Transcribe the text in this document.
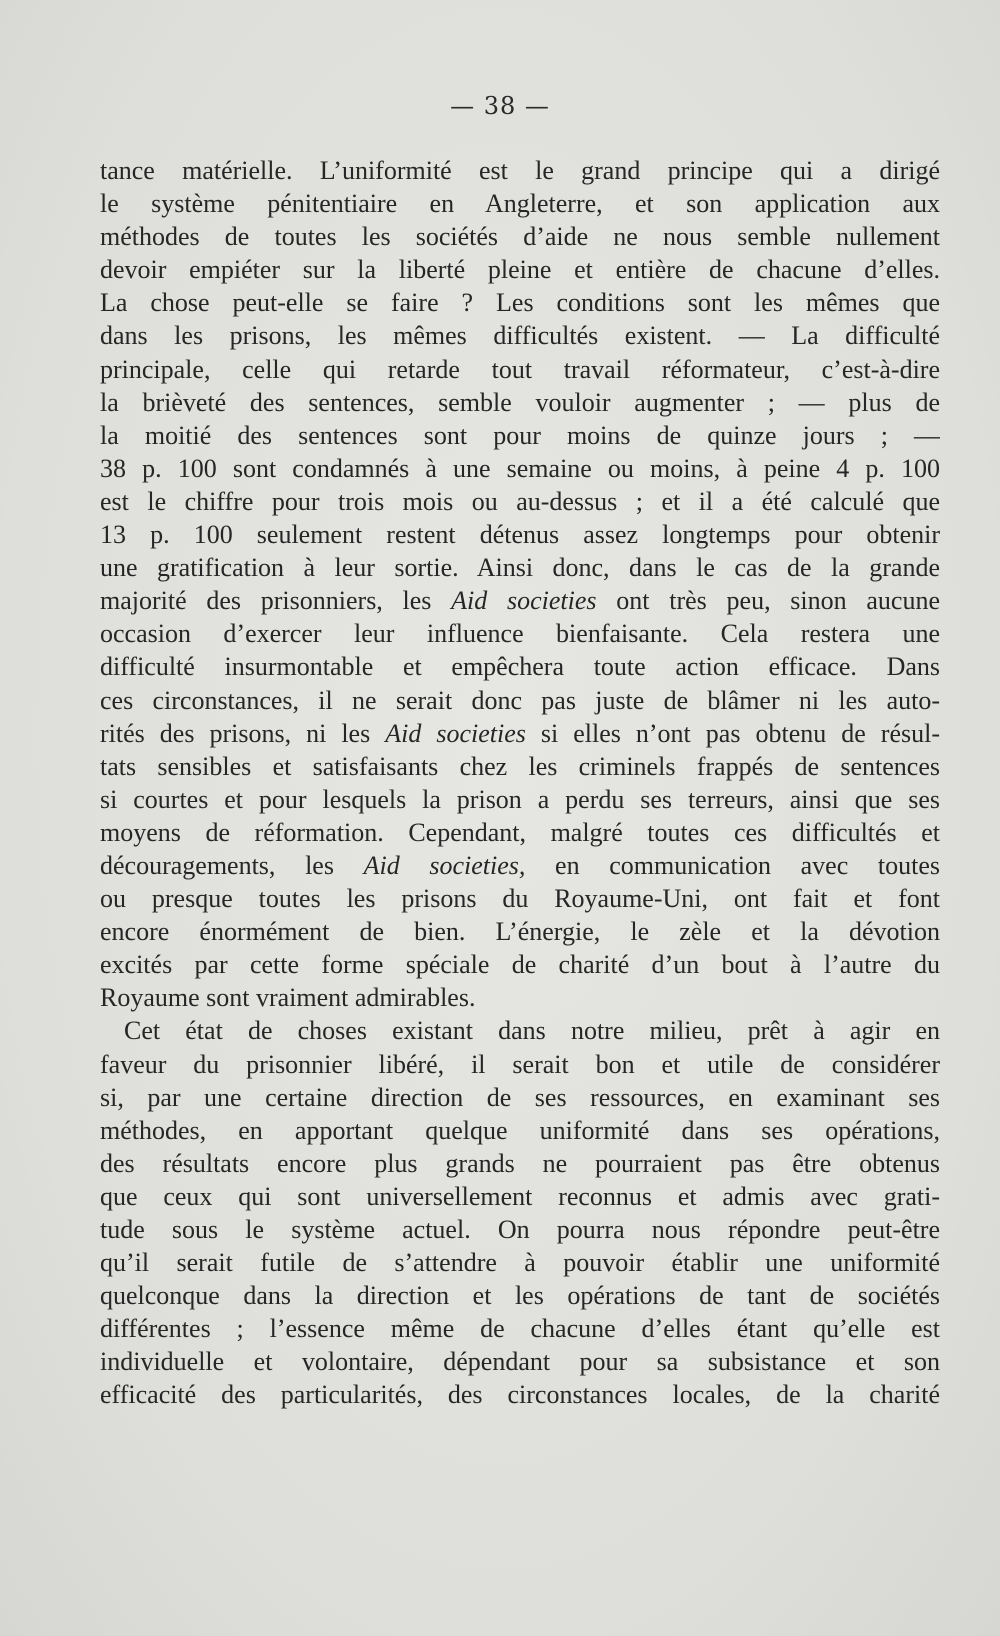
— 38 —
tance matérielle. L’uniformité est le grand principe qui a dirigé
le système pénitentiaire en Angleterre, et son application aux
méthodes de toutes les sociétés d’aide ne nous semble nullement
devoir empiéter sur la liberté pleine et entière de chacune d’elles.
La chose peut-elle se faire ? Les conditions sont les mêmes que
dans les prisons, les mêmes difficultés existent. — La difficulté
principale, celle qui retarde tout travail réformateur, c’est-à-dire
la brièveté des sentences, semble vouloir augmenter ; — plus de
la moitié des sentences sont pour moins de quinze jours ; —
38 p. 100 sont condamnés à une semaine ou moins, à peine 4 p. 100
est le chiffre pour trois mois ou au-dessus ; et il a été calculé que
13 p. 100 seulement restent détenus assez longtemps pour obtenir
une gratification à leur sortie. Ainsi donc, dans le cas de la grande
majorité des prisonniers, les Aid societies ont très peu, sinon aucune
occasion d’exercer leur influence bienfaisante. Cela restera une
difficulté insurmontable et empêchera toute action efficace. Dans
ces circonstances, il ne serait donc pas juste de blâmer ni les auto-
rités des prisons, ni les Aid societies si elles n’ont pas obtenu de résul-
tats sensibles et satisfaisants chez les criminels frappés de sentences
si courtes et pour lesquels la prison a perdu ses terreurs, ainsi que ses
moyens de réformation. Cependant, malgré toutes ces difficultés et
découragements, les Aid societies, en communication avec toutes
ou presque toutes les prisons du Royaume-Uni, ont fait et font
encore énormément de bien. L’énergie, le zèle et la dévotion
excités par cette forme spéciale de charité d’un bout à l’autre du
Royaume sont vraiment admirables.
Cet état de choses existant dans notre milieu, prêt à agir en
faveur du prisonnier libéré, il serait bon et utile de considérer
si, par une certaine direction de ses ressources, en examinant ses
méthodes, en apportant quelque uniformité dans ses opérations,
des résultats encore plus grands ne pourraient pas être obtenus
que ceux qui sont universellement reconnus et admis avec grati-
tude sous le système actuel. On pourra nous répondre peut-être
qu’il serait futile de s’attendre à pouvoir établir une uniformité
quelconque dans la direction et les opérations de tant de sociétés
différentes ; l’essence même de chacune d’elles étant qu’elle est
individuelle et volontaire, dépendant pour sa subsistance et son
efficacité des particularités, des circonstances locales, de la charité
